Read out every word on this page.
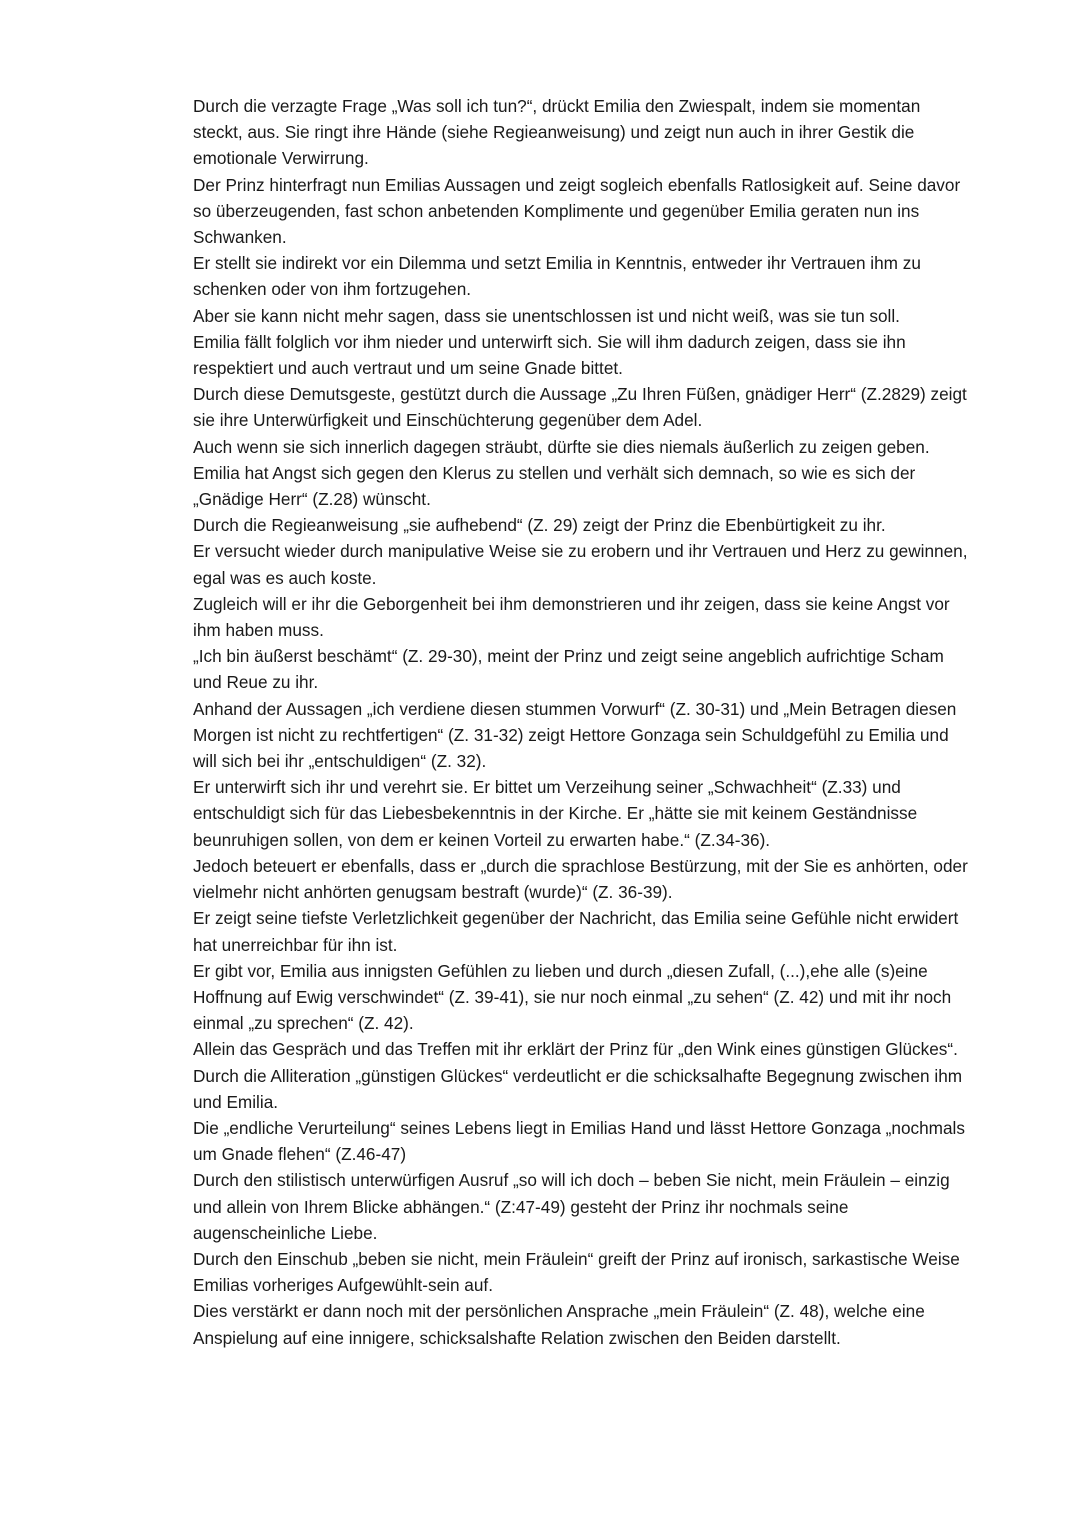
Durch die verzagte Frage „Was soll ich tun?“, drückt Emilia den Zwiespalt, indem sie momentan steckt, aus. Sie ringt ihre Hände (siehe Regieanweisung) und zeigt nun auch in ihrer Gestik die emotionale Verwirrung.

Der Prinz hinterfragt nun Emilias Aussagen und zeigt sogleich ebenfalls Ratlosigkeit auf. Seine davor so überzeugenden, fast schon anbetenden Komplimente und gegenüber Emilia geraten nun ins Schwanken.

Er stellt sie indirekt vor ein Dilemma und setzt Emilia in Kenntnis, entweder ihr Vertrauen ihm zu schenken oder von ihm fortzugehen.

Aber sie kann nicht mehr sagen, dass sie unentschlossen ist und nicht weiß, was sie tun soll.

Emilia fällt folglich vor ihm nieder und unterwirft sich. Sie will ihm dadurch zeigen, dass sie ihn respektiert und auch vertraut und um seine Gnade bittet.

Durch diese Demutsgeste, gestützt durch die Aussage „Zu Ihren Füßen, gnädiger Herr“ (Z.2829) zeigt sie ihre Unterwürfigkeit und Einschüchterung gegenüber dem Adel.

Auch wenn sie sich innerlich dagegen sträubt, dürfte sie dies niemals äußerlich zu zeigen geben.

Emilia hat Angst sich gegen den Klerus zu stellen und verhält sich demnach, so wie es sich der „Gnädige Herr“ (Z.28) wünscht.

Durch die Regieanweisung „sie aufhebend“ (Z. 29) zeigt der Prinz die Ebenbürtigkeit zu ihr.

Er versucht wieder durch manipulative Weise sie zu erobern und ihr Vertrauen und Herz zu gewinnen, egal was es auch koste.

Zugleich will er ihr die Geborgenheit bei ihm demonstrieren und ihr zeigen, dass sie keine Angst vor ihm haben muss.

„Ich bin äußerst beschämt“ (Z. 29-30), meint der Prinz und zeigt seine angeblich aufrichtige Scham und Reue zu ihr.

Anhand der Aussagen „ich verdiene diesen stummen Vorwurf“ (Z. 30-31) und „Mein Betragen diesen Morgen ist nicht zu rechtfertigen“ (Z. 31-32) zeigt Hettore Gonzaga sein Schuldgefühl zu Emilia und will sich bei ihr „entschuldigen“ (Z. 32).

Er unterwirft sich ihr und verehrt sie. Er bittet um Verzeihung seiner „Schwachheit“ (Z.33) und entschuldigt sich für das Liebesbekenntnis in der Kirche. Er „hätte sie mit keinem Geständnisse beunruhigen sollen, von dem er keinen Vorteil zu erwarten habe.“ (Z.34-36).

Jedoch beteuert er ebenfalls, dass er „durch die sprachlose Bestürzung, mit der Sie es anhörten, oder vielmehr nicht anhörten genugsam bestraft (wurde)“ (Z. 36-39).

Er zeigt seine tiefste Verletzlichkeit gegenüber der Nachricht, das Emilia seine Gefühle nicht erwidert hat unerreichbar für ihn ist.

Er gibt vor, Emilia aus innigsten Gefühlen zu lieben und durch „diesen Zufall, (...),ehe alle (s)eine Hoffnung auf Ewig verschwindet“ (Z. 39-41), sie nur noch einmal „zu sehen“ (Z. 42) und mit ihr noch einmal „zu sprechen“ (Z. 42).

Allein das Gespräch und das Treffen mit ihr erklärt der Prinz für „den Wink eines günstigen Glückes“. Durch die Alliteration „günstigen Glückes“ verdeutlicht er die schicksalhafte Begegnung zwischen ihm und Emilia.

Die „endliche Verurteilung“ seines Lebens liegt in Emilias Hand und lässt Hettore Gonzaga „nochmals um Gnade flehen“ (Z.46-47)

Durch den stilistisch unterwürfigen Ausruf „so will ich doch – beben Sie nicht, mein Fräulein – einzig und allein von Ihrem Blicke abhängen.“ (Z:47-49) gesteht der Prinz ihr nochmals seine augenscheinliche Liebe.

Durch den Einschub „beben sie nicht, mein Fräulein“ greift der Prinz auf ironisch, sarkastische Weise Emilias vorheriges Aufgewühlt-sein auf.

Dies verstärkt er dann noch mit der persönlichen Ansprache „mein Fräulein“ (Z. 48), welche eine Anspielung auf eine innigere, schicksalshafte Relation zwischen den Beiden darstellt.
